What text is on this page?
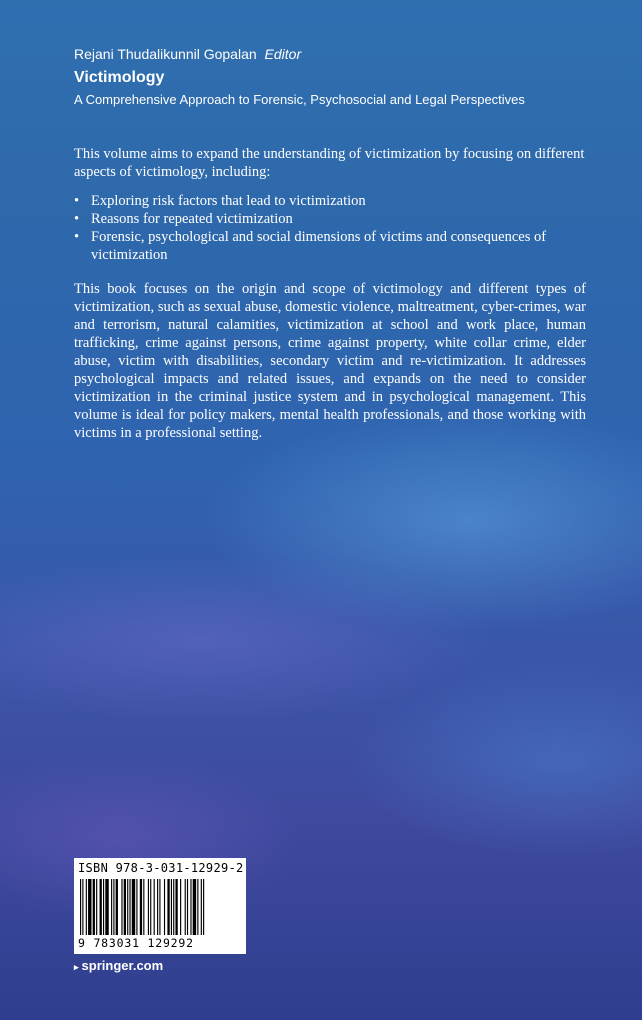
Rejani Thudalikunnil Gopalan Editor
Victimology
A Comprehensive Approach to Forensic, Psychosocial and Legal Perspectives

This volume aims to expand the understanding of victimization by focusing on different aspects of victimology, including:

• Exploring risk factors that lead to victimization
• Reasons for repeated victimization
• Forensic, psychological and social dimensions of victims and consequences of victimization

This book focuses on the origin and scope of victimology and different types of victimization, such as sexual abuse, domestic violence, maltreatment, cyber-crimes, war and terrorism, natural calamities, victimization at school and work place, human trafficking, crime against persons, crime against property, white collar crime, elder abuse, victim with disabilities, secondary victim and re-victimization. It addresses psychological impacts and related issues, and expands on the need to consider victimization in the criminal justice system and in psychological management. This volume is ideal for policy makers, mental health professionals, and those working with victims in a professional setting.

ISBN 978-3-031-12929-2
9 783031 129292
▸ springer.com
